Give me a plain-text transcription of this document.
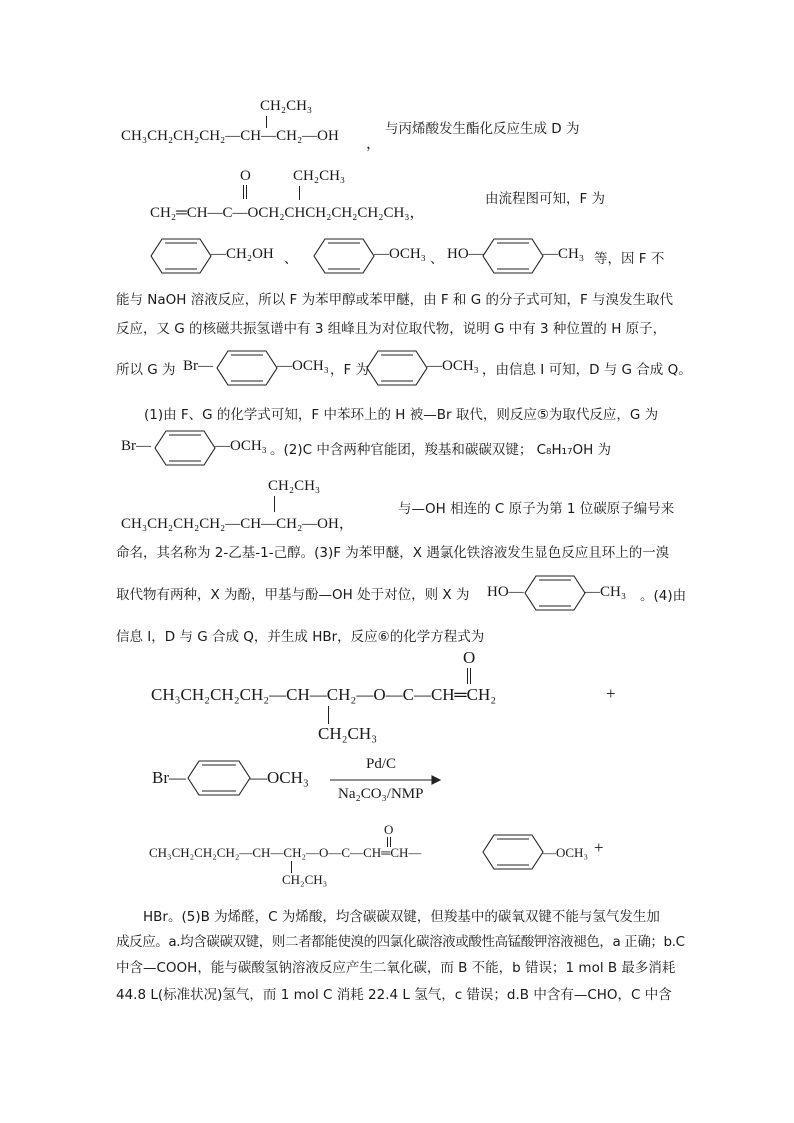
CH₂CH₃
CH₃CH₂CH₂CH₂—CH—CH₂—OH ，
与丙烯酸发生酯化反应生成 D 为
O	CH₂CH₃
CH₂═CH—C—OCH₂CHCH₂CH₂CH₂CH₃，
由流程图可知，F 为
—CH₂OH 、	—OCH₃ 、 HO—	—CH₃ 等，因 F 不
能与 NaOH 溶液反应，所以 F 为苯甲醇或苯甲醚，由 F 和 G 的分子式可知，F 与溴发生取代
反应，又 G 的核磁共振氢谱中有 3 组峰且为对位取代物，说明 G 中有 3 种位置的 H 原子，
所以 G 为 Br—	—OCH₃ ，F 为	—OCH₃ ，由信息 I 可知，D 与 G 合成 Q。
(1)由 F、G 的化学式可知，F 中苯环上的 H 被—Br 取代，则反应⑤为取代反应，G 为
Br—	—OCH₃ 。(2)C 中含两种官能团，羧基和碳碳双键； C₈H₁₇OH 为
CH₂CH₃
CH₃CH₂CH₂CH₂—CH—CH₂—OH，
与—OH 相连的 C 原子为第 1 位碳原子编号来
命名，其名称为 2-乙基-1-己醇。(3)F 为苯甲醚，X 遇氯化铁溶液发生显色反应且环上的一溴
取代物有两种，X 为酚，甲基与酚—OH 处于对位，则 X 为 HO—	—CH₃ 。(4)由
信息 I，D 与 G 合成 Q，并生成 HBr，反应⑥的化学方程式为
O
CH₃CH₂CH₂CH₂—CH—CH₂—O—C—CH═CH₂	+
CH₂CH₃
Br—	—OCH₃
Pd/C
Na₂CO₃/NMP
O
CH₃CH₂CH₂CH₂—CH—CH₂—O—C—CH═CH—	—OCH₃ +
CH₂CH₃
HBr。(5)B 为烯醛，C 为烯酸，均含碳碳双键，但羧基中的碳氧双键不能与氢气发生加
成反应。a.均含碳碳双键，则二者都能使溴的四氯化碳溶液或酸性高锰酸钾溶液褪色，a 正确；b.C
中含—COOH，能与碳酸氢钠溶液反应产生二氧化碳，而 B 不能，b 错误；1 mol B 最多消耗
44.8 L(标准状况)氢气，而 1 mol C 消耗 22.4 L 氢气，c 错误；d.B 中含有—CHO，C 中含
